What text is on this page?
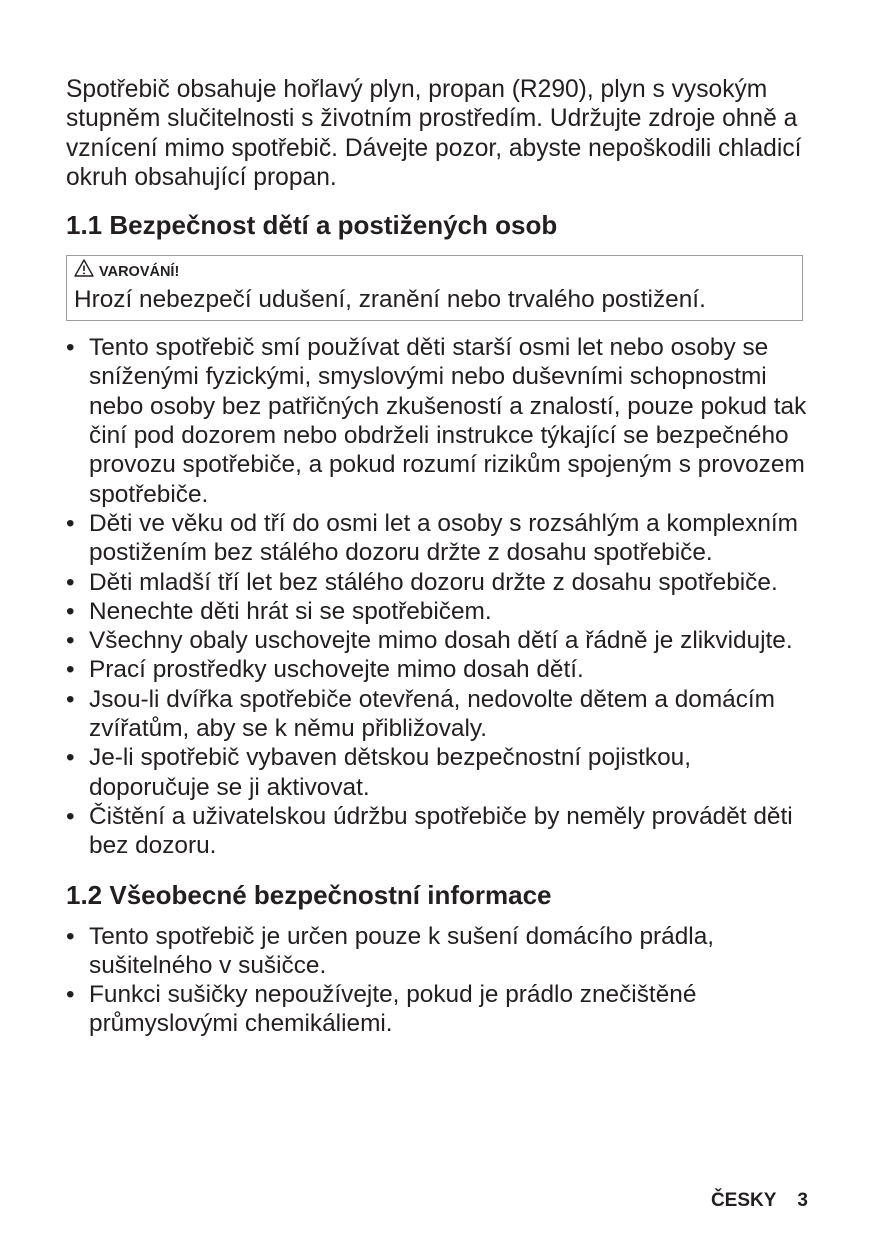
Spotřebič obsahuje hořlavý plyn, propan (R290), plyn s vysokým stupněm slučitelnosti s životním prostředím. Udržujte zdroje ohně a vznícení mimo spotřebič. Dávejte pozor, abyste nepoškodili chladicí okruh obsahující propan.

1.1 Bezpečnost dětí a postižených osob
VAROVÁNÍ!
Hrozí nebezpečí udušení, zranění nebo trvalého postižení.
• Tento spotřebič smí používat děti starší osmi let nebo osoby se sníženými fyzickými, smyslovými nebo duševními schopnostmi nebo osoby bez patřičných zkušeností a znalostí, pouze pokud tak činí pod dozorem nebo obdrželi instrukce týkající se bezpečného provozu spotřebiče, a pokud rozumí rizikům spojeným s provozem spotřebiče.
• Děti ve věku od tří do osmi let a osoby s rozsáhlým a komplexním postižením bez stálého dozoru držte z dosahu spotřebiče.
• Děti mladší tří let bez stálého dozoru držte z dosahu spotřebiče.
• Nenechte děti hrát si se spotřebičem.
• Všechny obaly uschovejte mimo dosah dětí a řádně je zlikvidujte.
• Prací prostředky uschovejte mimo dosah dětí.
• Jsou-li dvířka spotřebiče otevřená, nedovolte dětem a domácím zvířatům, aby se k němu přibližovaly.
• Je-li spotřebič vybaven dětskou bezpečnostní pojistkou, doporučuje se ji aktivovat.
• Čištění a uživatelskou údržbu spotřebiče by neměly provádět děti bez dozoru.
1.2 Všeobecné bezpečnostní informace
• Tento spotřebič je určen pouze k sušení domácího prádla, sušitelného v sušičce.
• Funkci sušičky nepoužívejte, pokud je prádlo znečištěné průmyslovými chemikáliemi.
ČESKY 3
